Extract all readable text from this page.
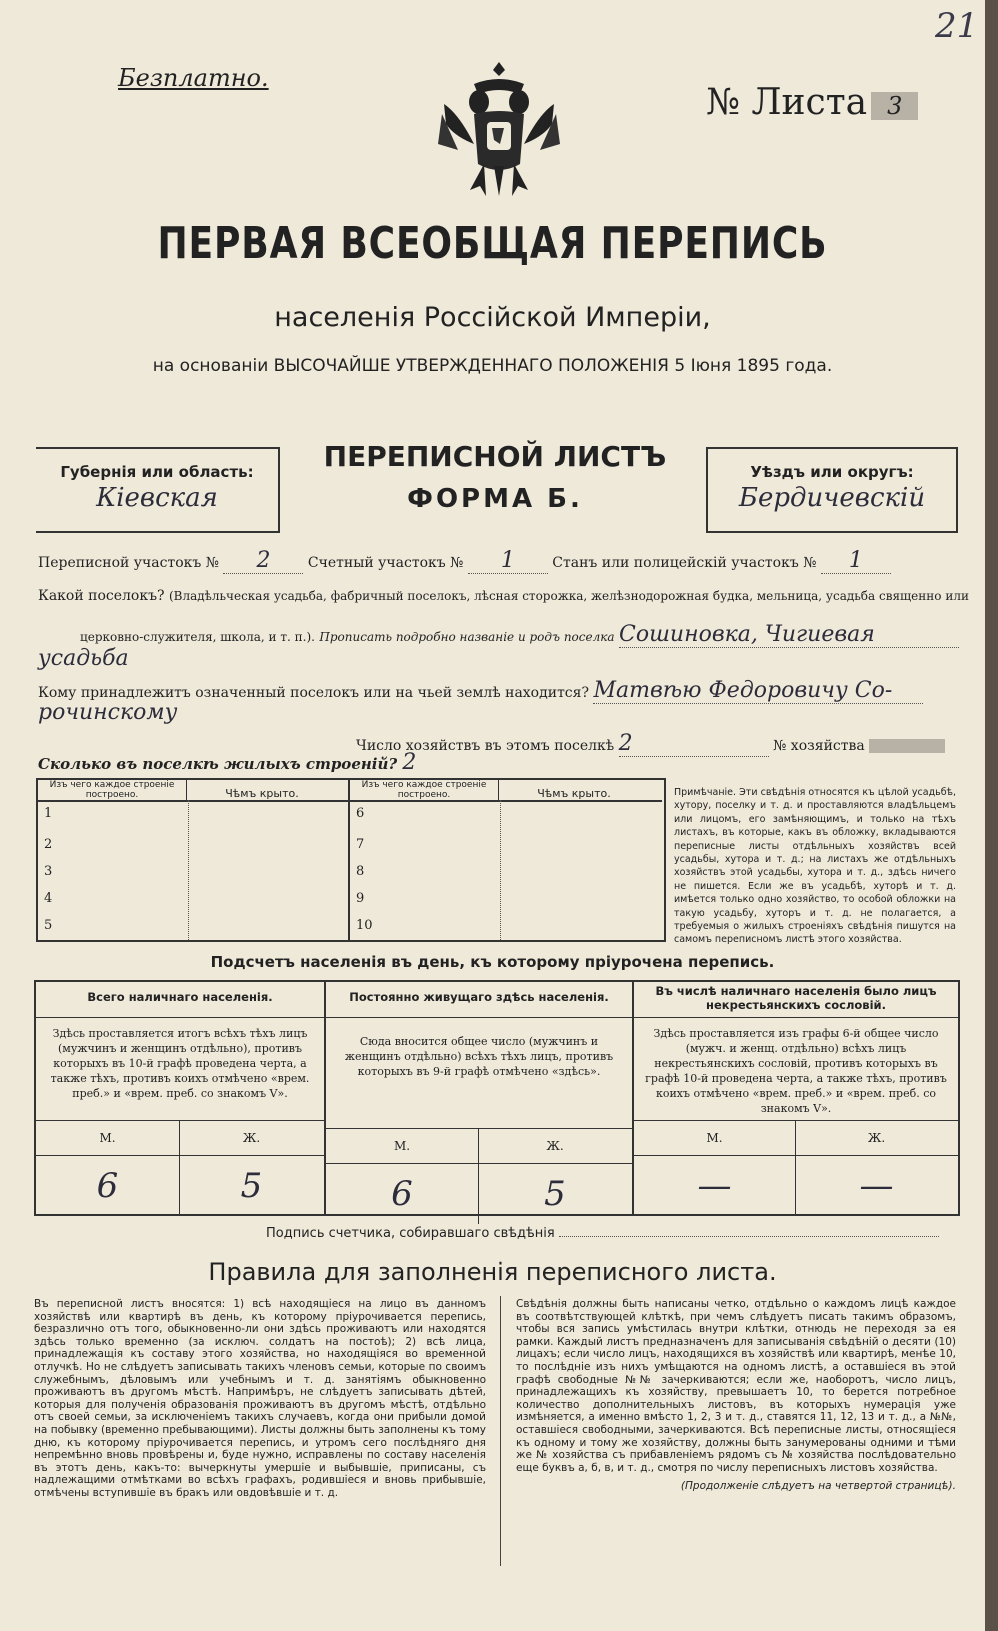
21
Безплатно.
№ Листа 3
ПЕРВАЯ ВСЕОБЩАЯ ПЕРЕПИСЬ
населенія Россійской Имперіи,
на основаніи ВЫСОЧАЙШЕ УТВЕРЖДЕННАГО ПОЛОЖЕНІЯ 5 Іюня 1895 года.
Губернія или область:
Кіевская
ПЕРЕПИСНОЙ ЛИСТЪ
ФОРМА Б.
Уѣздъ или округъ:
Бердичевскій
Переписной участокъ № 2	Счетный участокъ № 1	Станъ или полицейскій участокъ № 1
Какой поселокъ? (Владѣльческая усадьба, фабричный поселокъ, лѣсная сторожка, желѣзнодорожная будка, мельница, усадьба священно или
церковно-служителя, школа, и т. п.). Прописать подробно названіе и родъ поселка Сошиновка, Чигиевая
усадьба
Кому принадлежитъ означенный поселокъ или на чьей землѣ находится? Матвѣю Федоровичу Со-
рочинскому
Число хозяйствъ въ этомъ поселкѣ 2	№ хозяйства
Сколько въ поселкѣ жилыхъ строеній? 2
Изъ чего каждое строеніе построено.	Чѣмъ крыто.
1
2
3
4
5
Изъ чего каждое строеніе построено.	Чѣмъ крыто.
6
7
8
9
10
Примѣчаніе. Эти свѣдѣнія относятся къ цѣлой усадьбѣ, хутору, поселку и т. д. и проставляются владѣльцемъ или лицомъ, его замѣняющимъ, и только на тѣхъ листахъ, въ которые, какъ въ обложку, вкладываются переписные листы отдѣльныхъ хозяйствъ всей усадьбы, хутора и т. д.; на листахъ же отдѣльныхъ хозяйствъ этой усадьбы, хутора и т. д., здѣсь ничего не пишется. Если же въ усадьбѣ, хуторѣ и т. д. имѣется только одно хозяйство, то особой обложки на такую усадьбу, хуторъ и т. д. не полагается, а требуемыя о жилыхъ строеніяхъ свѣдѣнія пишутся на самомъ переписномъ листѣ этого хозяйства.
Подсчетъ населенія въ день, къ которому пріурочена перепись.
Всего наличнаго населенія.
Здѣсь проставляется итогъ всѣхъ тѣхъ лицъ (мужчинъ и женщинъ отдѣльно), противъ которыхъ въ 10-й графѣ проведена черта, а также тѣхъ, противъ коихъ отмѣчено «врем. преб.» и «врем. преб. со знакомъ V».
М.	Ж.
6	5
Постоянно живущаго здѣсь населенія.
Сюда вносится общее число (мужчинъ и женщинъ отдѣльно) всѣхъ тѣхъ лицъ, противъ которыхъ въ 9-й графѣ отмѣчено «здѣсь».
М.	Ж.
6	5
Въ числѣ наличнаго населенія было лицъ некрестьянскихъ сословій.
Здѣсь проставляется изъ графы 6-й общее число (мужч. и женщ. отдѣльно) всѣхъ лицъ некрестьянскихъ сословій, противъ которыхъ въ графѣ 10-й проведена черта, а также тѣхъ, противъ коихъ отмѣчено «врем. преб.» и «врем. преб. со знакомъ V».
М.	Ж.
—	—
Подпись счетчика, собиравшаго свѣдѣнія
Правила для заполненія переписного листа.
Въ переписной листъ вносятся: 1) всѣ находящіеся на лицо въ данномъ хозяйствѣ или квартирѣ въ день, къ которому пріурочивается перепись, безразлично отъ того, обыкновенно-ли они здѣсь проживаютъ или находятся здѣсь только временно (за исключ. солдатъ на постоѣ); 2) всѣ лица, принадлежащія къ составу этого хозяйства, но находящіяся во временной отлучкѣ. Но не слѣдуетъ записывать такихъ членовъ семьи, которые по своимъ служебнымъ, дѣловымъ или учебнымъ и т. д. занятіямъ обыкновенно проживаютъ въ другомъ мѣстѣ. Напримѣръ, не слѣдуетъ записывать дѣтей, которыя для полученія образованія проживаютъ въ другомъ мѣстѣ, отдѣльно отъ своей семьи, за исключеніемъ такихъ случаевъ, когда они прибыли домой на побывку (временно пребывающими). Листы должны быть заполнены къ тому дню, къ которому пріурочивается перепись, и утромъ сего послѣдняго дня непремѣнно вновь провѣрены и, буде нужно, исправлены по составу населенія въ этотъ день, какъ-то: вычеркнуты умершіе и выбывшіе, приписаны, съ надлежащими отмѣтками во всѣхъ графахъ, родившіеся и вновь прибывшіе, отмѣчены вступившіе въ бракъ или овдовѣвшіе и т. д.
Свѣдѣнія должны быть написаны четко, отдѣльно о каждомъ лицѣ каждое въ соотвѣтствующей клѣткѣ, при чемъ слѣдуетъ писать такимъ образомъ, чтобы вся запись умѣстилась внутри клѣтки, отнюдь не переходя за ея рамки. Каждый листъ предназначенъ для записыванія свѣдѣній о десяти (10) лицахъ; если число лицъ, находящихся въ хозяйствѣ или квартирѣ, менѣе 10, то послѣдніе изъ нихъ умѣщаются на одномъ листѣ, а оставшіеся въ этой графѣ свободные №№ зачеркиваются; если же, наоборотъ, число лицъ, принадлежащихъ къ хозяйству, превышаетъ 10, то берется потребное количество дополнительныхъ листовъ, въ которыхъ нумерація уже измѣняется, а именно вмѣсто 1, 2, 3 и т. д., ставятся 11, 12, 13 и т. д., а №№, оставшіеся свободными, зачеркиваются. Всѣ переписные листы, относящіеся къ одному и тому же хозяйству, должны быть занумерованы одними и тѣми же № хозяйства съ прибавленіемъ рядомъ съ № хозяйства послѣдовательно еще буквъ а, б, в, и т. д., смотря по числу переписныхъ листовъ хозяйства.
(Продолженіе слѣдуетъ на четвертой страницѣ).
